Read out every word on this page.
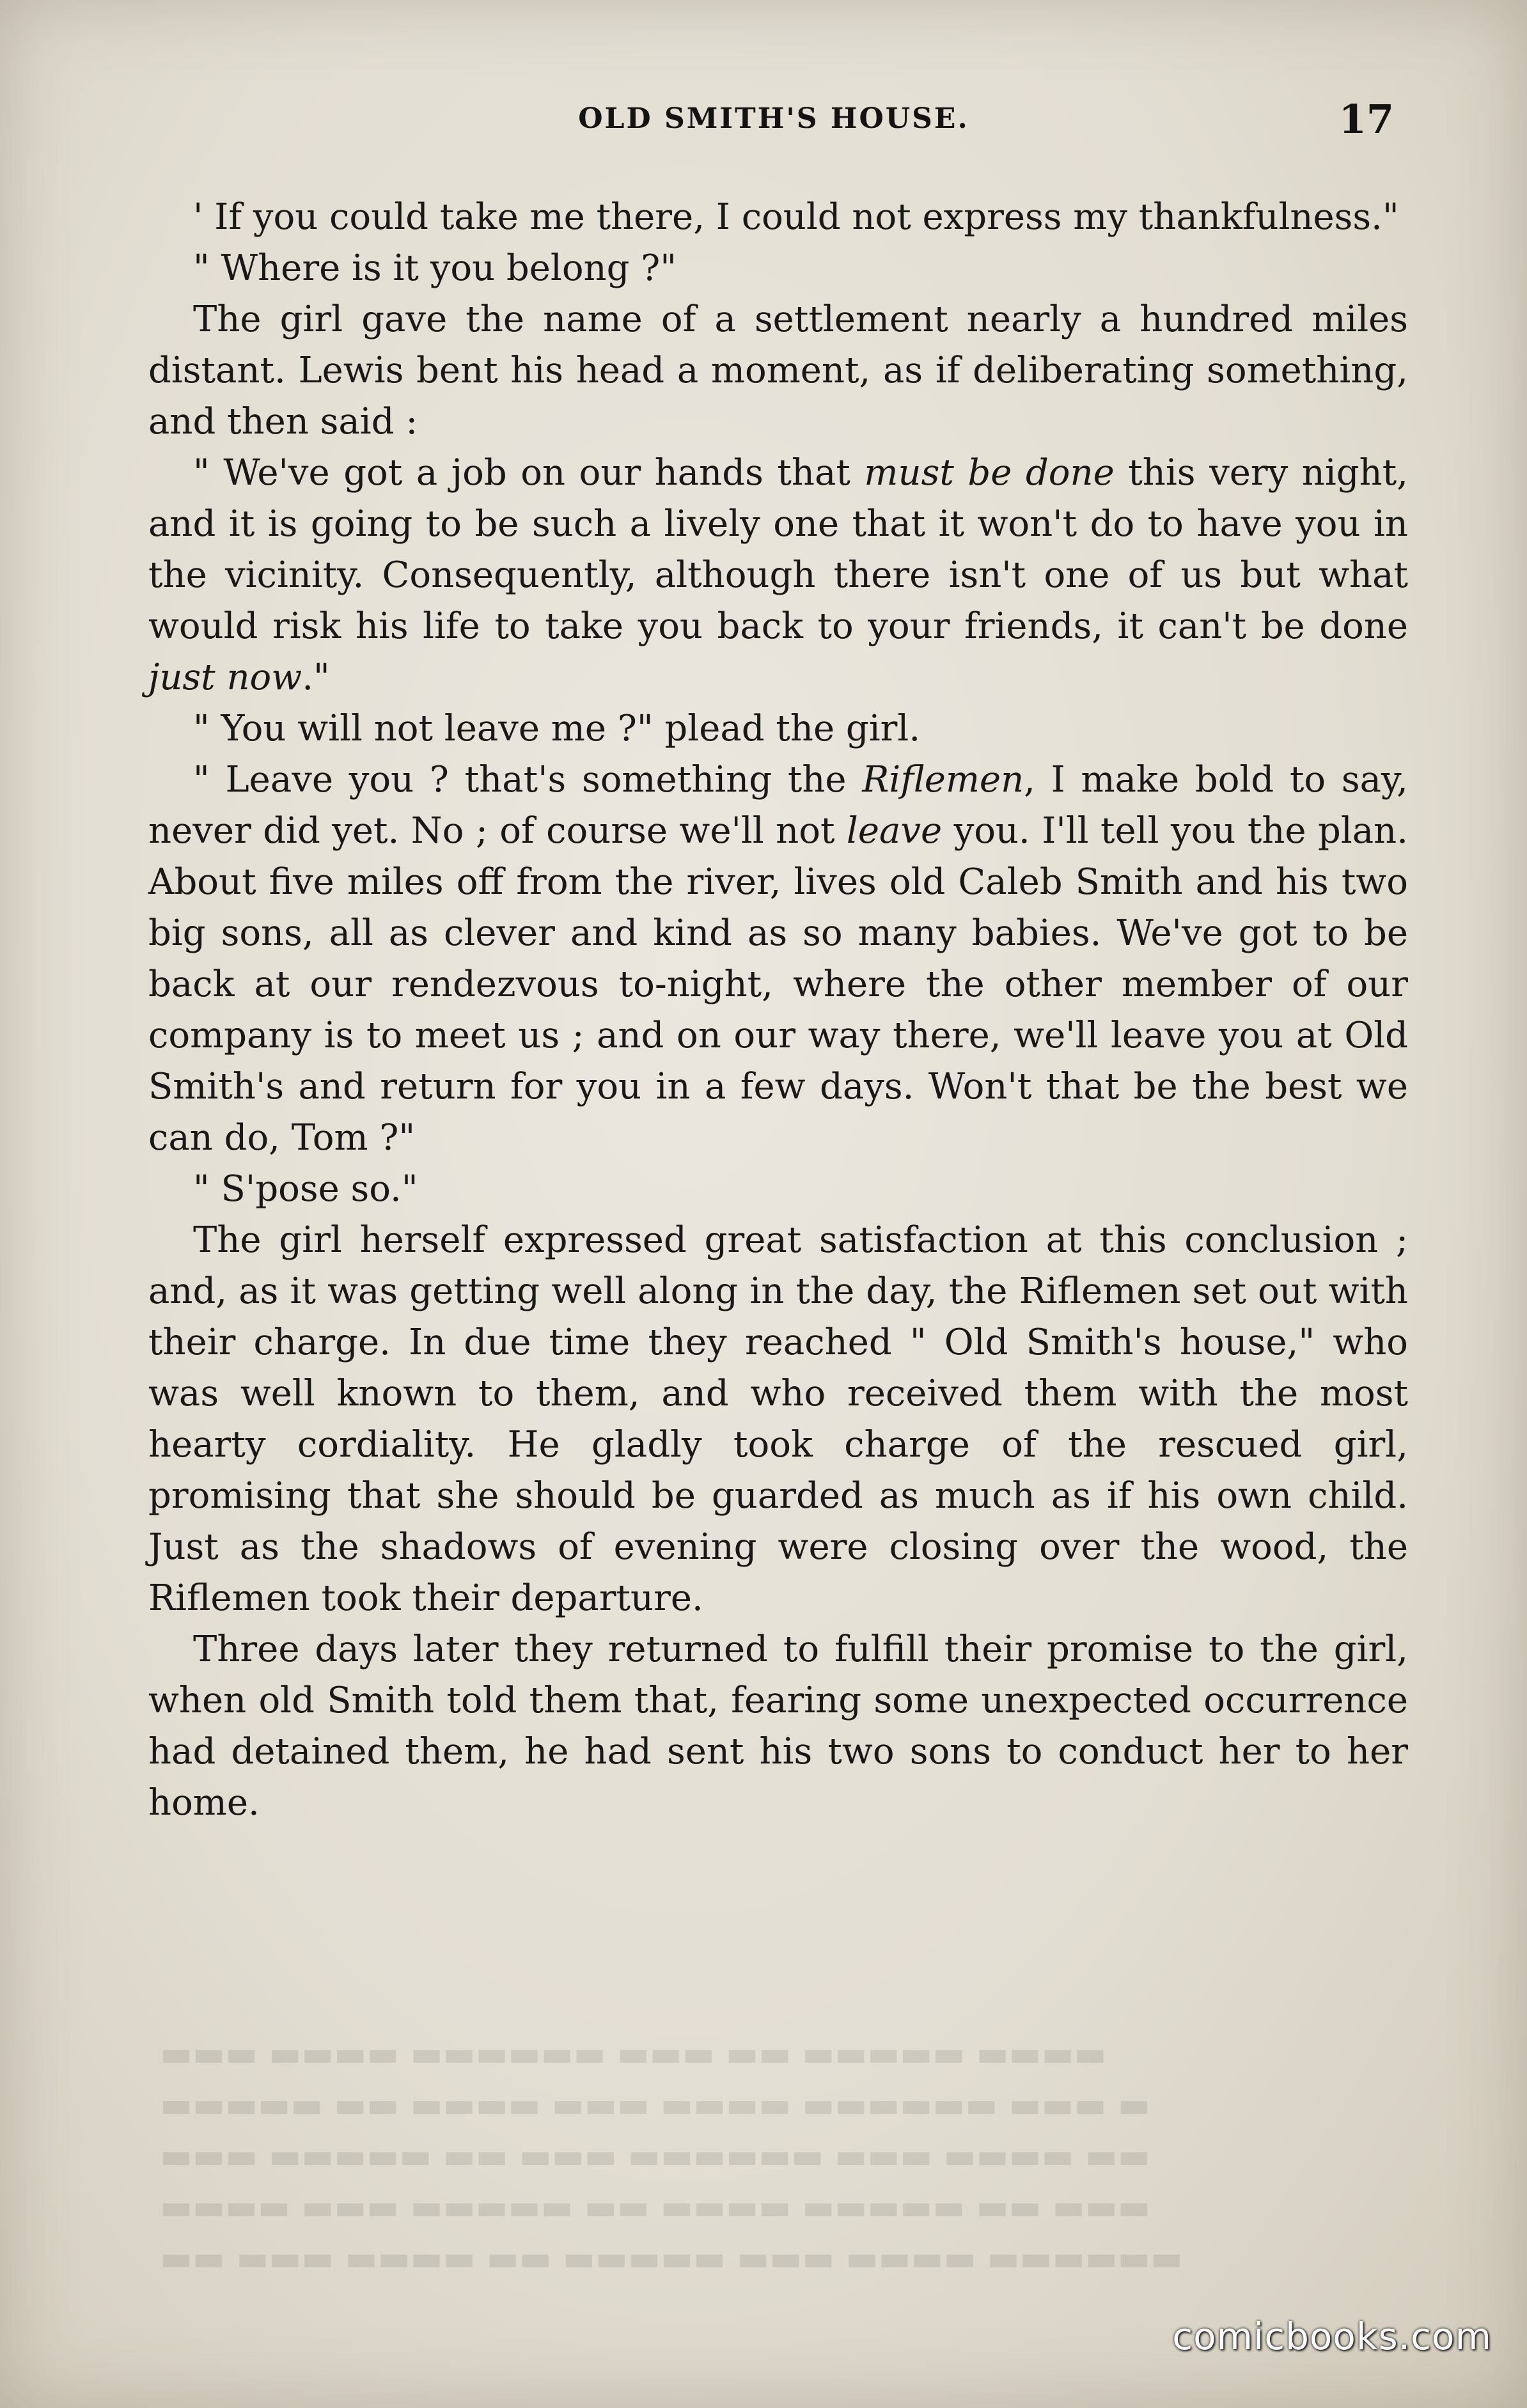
▬▬ ▬▬▬ ▬▬▬▬ ▬▬ ▬▬▬▬▬ ▬▬▬ ▬▬▬▬ ▬▬▬▬▬▬
▬▬▬▬ ▬▬▬ ▬▬▬▬▬ ▬▬ ▬▬▬▬ ▬▬▬▬▬ ▬▬ ▬▬▬
▬▬▬ ▬▬▬▬▬ ▬▬ ▬▬▬ ▬▬▬▬▬▬ ▬▬▬ ▬▬▬▬ ▬▬
▬▬▬▬▬ ▬▬ ▬▬▬▬ ▬▬▬ ▬▬▬▬ ▬▬▬▬▬▬ ▬▬▬ ▬
▬▬▬ ▬▬▬▬ ▬▬▬▬▬▬ ▬▬▬ ▬▬ ▬▬▬▬▬ ▬▬▬▬
OLD SMITH'S HOUSE.	17

' If you could take me there, I could not express my thankfulness."

" Where is it you belong ?"

The girl gave the name of a settlement nearly a hundred miles distant. Lewis bent his head a moment, as if deliberating something, and then said :

" We've got a job on our hands that must be done this very night, and it is going to be such a lively one that it won't do to have you in the vicinity. Consequently, although there isn't one of us but what would risk his life to take you back to your friends, it can't be done just now."

" You will not leave me ?" plead the girl.

" Leave you ? that's something the Riflemen, I make bold to say, never did yet. No ; of course we'll not leave you. I'll tell you the plan. About five miles off from the river, lives old Caleb Smith and his two big sons, all as clever and kind as so many babies. We've got to be back at our rendezvous to-night, where the other member of our company is to meet us ; and on our way there, we'll leave you at Old Smith's and return for you in a few days. Won't that be the best we can do, Tom ?"

" S'pose so."

The girl herself expressed great satisfaction at this conclusion ; and, as it was getting well along in the day, the Riflemen set out with their charge. In due time they reached " Old Smith's house," who was well known to them, and who received them with the most hearty cordiality. He gladly took charge of the rescued girl, promising that she should be guarded as much as if his own child. Just as the shadows of evening were closing over the wood, the Riflemen took their departure.

Three days later they returned to fulfill their promise to the girl, when old Smith told them that, fearing some unexpected occurrence had detained them, he had sent his two sons to conduct her to her home.

comicbooks.com
